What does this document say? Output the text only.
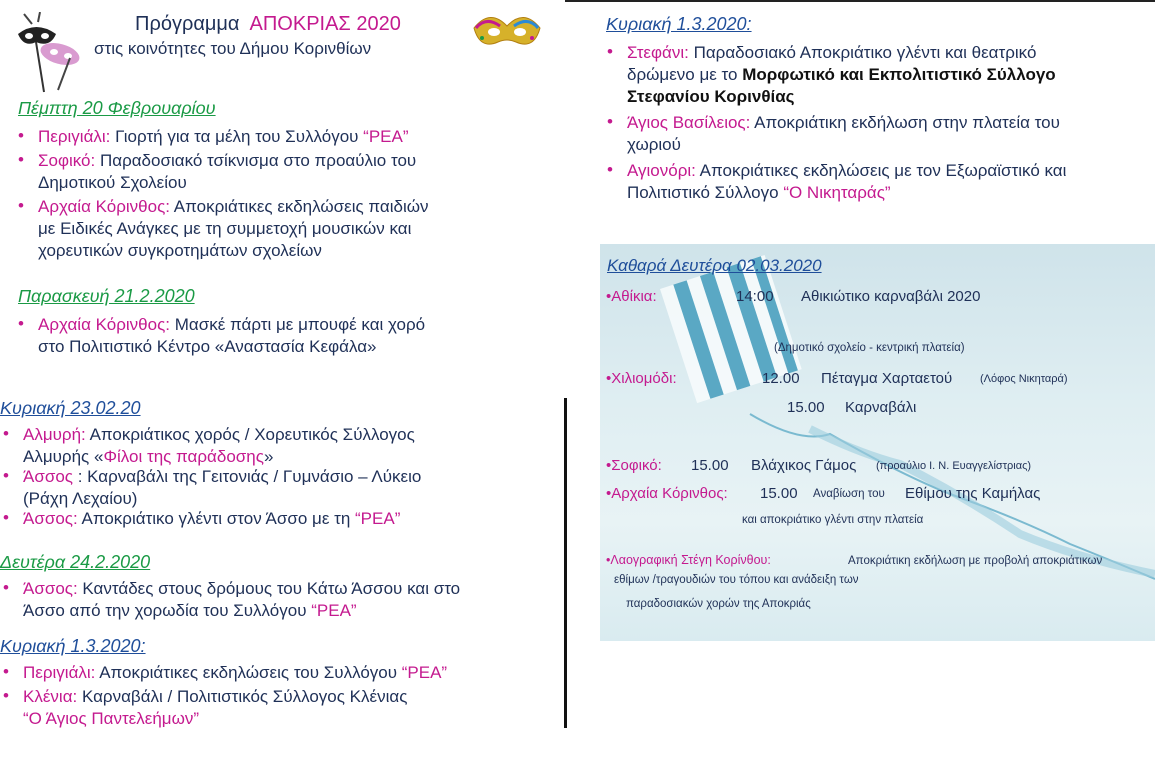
Πρόγραμμα ΑΠΟΚΡΙΑΣ 2020
στις κοινότητες του Δήμου Κορινθίων
Πέμπτη 20 Φεβρουαρίου
• Περιγιάλι: Γιορτή για τα μέλη του Συλλόγου “ΡΕΑ”
• Σοφικό: Παραδοσιακό τσίκνισμα στο προαύλιο του
Δημοτικού Σχολείου
• Αρχαία Κόρινθος: Αποκριάτικες εκδηλώσεις παιδιών
με Ειδικές Ανάγκες με τη συμμετοχή μουσικών και
χορευτικών συγκροτημάτων σχολείων
Παρασκευή 21.2.2020
• Αρχαία Κόρινθος: Μασκέ πάρτι με μπουφέ και χορό
στο Πολιτιστικό Κέντρο «Αναστασία Κεφάλα»
Κυριακή 23.02.20
• Αλμυρή: Αποκριάτικος χορός / Χορευτικός Σύλλογος
Αλμυρής «Φίλοι της παράδοσης»
• Άσσος : Καρναβάλι της Γειτονιάς / Γυμνάσιο – Λύκειο
(Ράχη Λεχαίου)
• Άσσος: Αποκριάτικο γλέντι στον Άσσο με τη “ΡΕΑ”
Δευτέρα 24.2.2020
• Άσσος: Καντάδες στους δρόμους του Κάτω Άσσου και στο
Άσσο από την χορωδία του Συλλόγου “ΡΕΑ”
Κυριακή 1.3.2020:
• Περιγιάλι: Αποκριάτικες εκδηλώσεις του Συλλόγου “ΡΕΑ”
• Κλένια: Καρναβάλι / Πολιτιστικός Σύλλογος Κλένιας
“Ο Άγιος Παντελεήμων”
Κυριακή 1.3.2020:
• Στεφάνι: Παραδοσιακό Αποκριάτικο γλέντι και θεατρικό
δρώμενο με το Μορφωτικό και Εκπολιτιστικό Σύλλογο
Στεφανίου Κορινθίας
• Άγιος Βασίλειος: Αποκριάτικη εκδήλωση στην πλατεία του
χωριού
• Αγιονόρι: Αποκριάτικες εκδηλώσεις με τον Εξωραϊστικό και
Πολιτιστικό Σύλλογο “Ο Νικηταράς”
Καθαρά Δευτέρα 02.03.2020
•Αθίκια:	14:00 Αθικιώτικο καρναβάλι 2020
(Δημοτικό σχολείο - κεντρική πλατεία)
•Χιλιομόδι:	12.00 Πέταγμα Χαρταετού	(Λόφος Νικηταρά)
15.00 Καρναβάλι
•Σοφικό: 15.00 Βλάχικος Γάμος (προαύλιο Ι. Ν. Ευαγγελίστριας)
•Αρχαία Κόρινθος: 15.00 Αναβίωση του Εθίμου της Καμήλας
και αποκριάτικο γλέντι στην πλατεία
•Λαογραφική Στέγη Κορίνθου:	Αποκριάτικη εκδήλωση με προβολή αποκριάτικων
εθίμων /τραγουδιών του τόπου και ανάδειξη των
παραδοσιακών χορών της Αποκριάς
